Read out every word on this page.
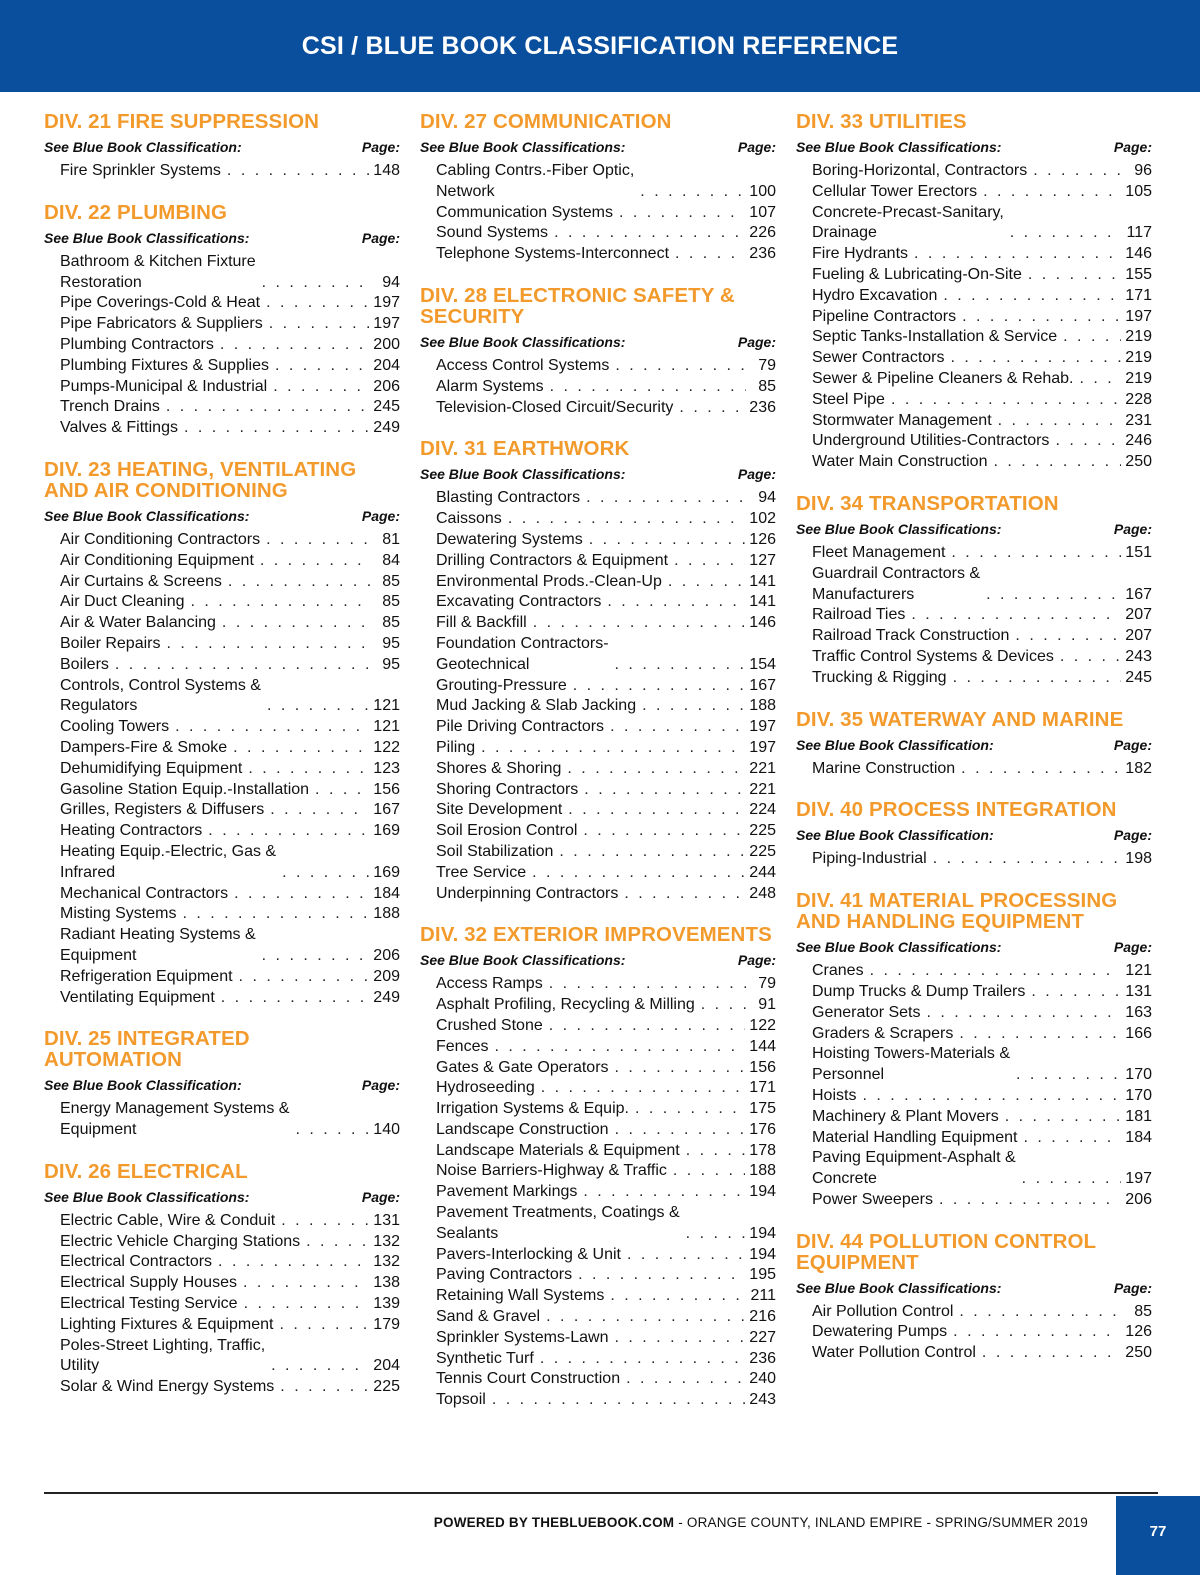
CSI / BLUE BOOK CLASSIFICATION REFERENCE
DIV. 21 FIRE SUPPRESSION
See Blue Book Classification:	Page:
Fire Sprinkler Systems . . .	148
DIV. 22 PLUMBING
See Blue Book Classifications:	Page:
Bathroom & Kitchen Fixture
Restoration . . .	94
Pipe Coverings-Cold & Heat . . .	197
Pipe Fabricators & Suppliers . . .	197
Plumbing Contractors . . .	200
Plumbing Fixtures & Supplies . . .	204
Pumps-Municipal & Industrial . . .	206
Trench Drains . . .	245
Valves & Fittings . . .	249
DIV. 23 HEATING, VENTILATING
AND AIR CONDITIONING
See Blue Book Classifications:	Page:
Air Conditioning Contractors . . .	81
Air Conditioning Equipment . . .	84
Air Curtains & Screens . . .	85
Air Duct Cleaning . . .	85
Air & Water Balancing . . .	85
Boiler Repairs . . .	95
Boilers . . .	95
Controls, Control Systems &
Regulators . . .	121
Cooling Towers . . .	121
Dampers-Fire & Smoke . . .	122
Dehumidifying Equipment . . .	123
Gasoline Station Equip.-Installation . . .	156
Grilles, Registers & Diffusers . . .	167
Heating Contractors . . .	169
Heating Equip.-Electric, Gas &
Infrared . . .	169
Mechanical Contractors . . .	184
Misting Systems . . .	188
Radiant Heating Systems &
Equipment . . .	206
Refrigeration Equipment . . .	209
Ventilating Equipment . . .	249
DIV. 25 INTEGRATED
AUTOMATION
See Blue Book Classification:	Page:
Energy Management Systems &
Equipment . . .	140
DIV. 26 ELECTRICAL
See Blue Book Classifications:	Page:
Electric Cable, Wire & Conduit . . .	131
Electric Vehicle Charging Stations . . .	132
Electrical Contractors . . .	132
Electrical Supply Houses . . .	138
Electrical Testing Service . . .	139
Lighting Fixtures & Equipment . . .	179
Poles-Street Lighting, Traffic,
Utility . . .	204
Solar & Wind Energy Systems . . .	225
DIV. 27 COMMUNICATION
See Blue Book Classifications:	Page:
Cabling Contrs.-Fiber Optic,
Network . . .	100
Communication Systems . . .	107
Sound Systems . . .	226
Telephone Systems-Interconnect . . .	236
DIV. 28 ELECTRONIC SAFETY &
SECURITY
See Blue Book Classifications:	Page:
Access Control Systems . . .	79
Alarm Systems . . .	85
Television-Closed Circuit/Security . . .	236
DIV. 31 EARTHWORK
See Blue Book Classifications:	Page:
Blasting Contractors . . .	94
Caissons . . .	102
Dewatering Systems . . .	126
Drilling Contractors & Equipment . . .	127
Environmental Prods.-Clean-Up . . .	141
Excavating Contractors . . .	141
Fill & Backfill . . .	146
Foundation Contractors-
Geotechnical . . .	154
Grouting-Pressure . . .	167
Mud Jacking & Slab Jacking . . .	188
Pile Driving Contractors . . .	197
Piling . . .	197
Shores & Shoring . . .	221
Shoring Contractors . . .	221
Site Development . . .	224
Soil Erosion Control . . .	225
Soil Stabilization . . .	225
Tree Service . . .	244
Underpinning Contractors . . .	248
DIV. 32 EXTERIOR IMPROVEMENTS
See Blue Book Classifications:	Page:
Access Ramps . . .	79
Asphalt Profiling, Recycling & Milling . . .	91
Crushed Stone . . .	122
Fences . . .	144
Gates & Gate Operators . . .	156
Hydroseeding . . .	171
Irrigation Systems & Equip. . . .	175
Landscape Construction . . .	176
Landscape Materials & Equipment . . .	178
Noise Barriers-Highway & Traffic . . .	188
Pavement Markings . . .	194
Pavement Treatments, Coatings &
Sealants . . .	194
Pavers-Interlocking & Unit . . .	194
Paving Contractors . . .	195
Retaining Wall Systems . . .	211
Sand & Gravel . . .	216
Sprinkler Systems-Lawn . . .	227
Synthetic Turf . . .	236
Tennis Court Construction . . .	240
Topsoil . . .	243
DIV. 33 UTILITIES
See Blue Book Classifications:	Page:
Boring-Horizontal, Contractors . . .	96
Cellular Tower Erectors . . .	105
Concrete-Precast-Sanitary,
Drainage . . .	117
Fire Hydrants . . .	146
Fueling & Lubricating-On-Site . . .	155
Hydro Excavation . . .	171
Pipeline Contractors . . .	197
Septic Tanks-Installation & Service . . .	219
Sewer Contractors . . .	219
Sewer & Pipeline Cleaners & Rehab. . . .	219
Steel Pipe . . .	228
Stormwater Management . . .	231
Underground Utilities-Contractors . . .	246
Water Main Construction . . .	250
DIV. 34 TRANSPORTATION
See Blue Book Classifications:	Page:
Fleet Management . . .	151
Guardrail Contractors &
Manufacturers . . .	167
Railroad Ties . . .	207
Railroad Track Construction . . .	207
Traffic Control Systems & Devices . . .	243
Trucking & Rigging . . .	245
DIV. 35 WATERWAY AND MARINE
See Blue Book Classification:	Page:
Marine Construction . . .	182
DIV. 40 PROCESS INTEGRATION
See Blue Book Classification:	Page:
Piping-Industrial . . .	198
DIV. 41 MATERIAL PROCESSING
AND HANDLING EQUIPMENT
See Blue Book Classifications:	Page:
Cranes . . .	121
Dump Trucks & Dump Trailers . . .	131
Generator Sets . . .	163
Graders & Scrapers . . .	166
Hoisting Towers-Materials &
Personnel . . .	170
Hoists . . .	170
Machinery & Plant Movers . . .	181
Material Handling Equipment . . .	184
Paving Equipment-Asphalt &
Concrete . . .	197
Power Sweepers . . .	206
DIV. 44 POLLUTION CONTROL
EQUIPMENT
See Blue Book Classifications:	Page:
Air Pollution Control . . .	85
Dewatering Pumps . . .	126
Water Pollution Control . . .	250
POWERED BY THEBLUEBOOK.COM - ORANGE COUNTY, INLAND EMPIRE - SPRING/SUMMER 2019
77
